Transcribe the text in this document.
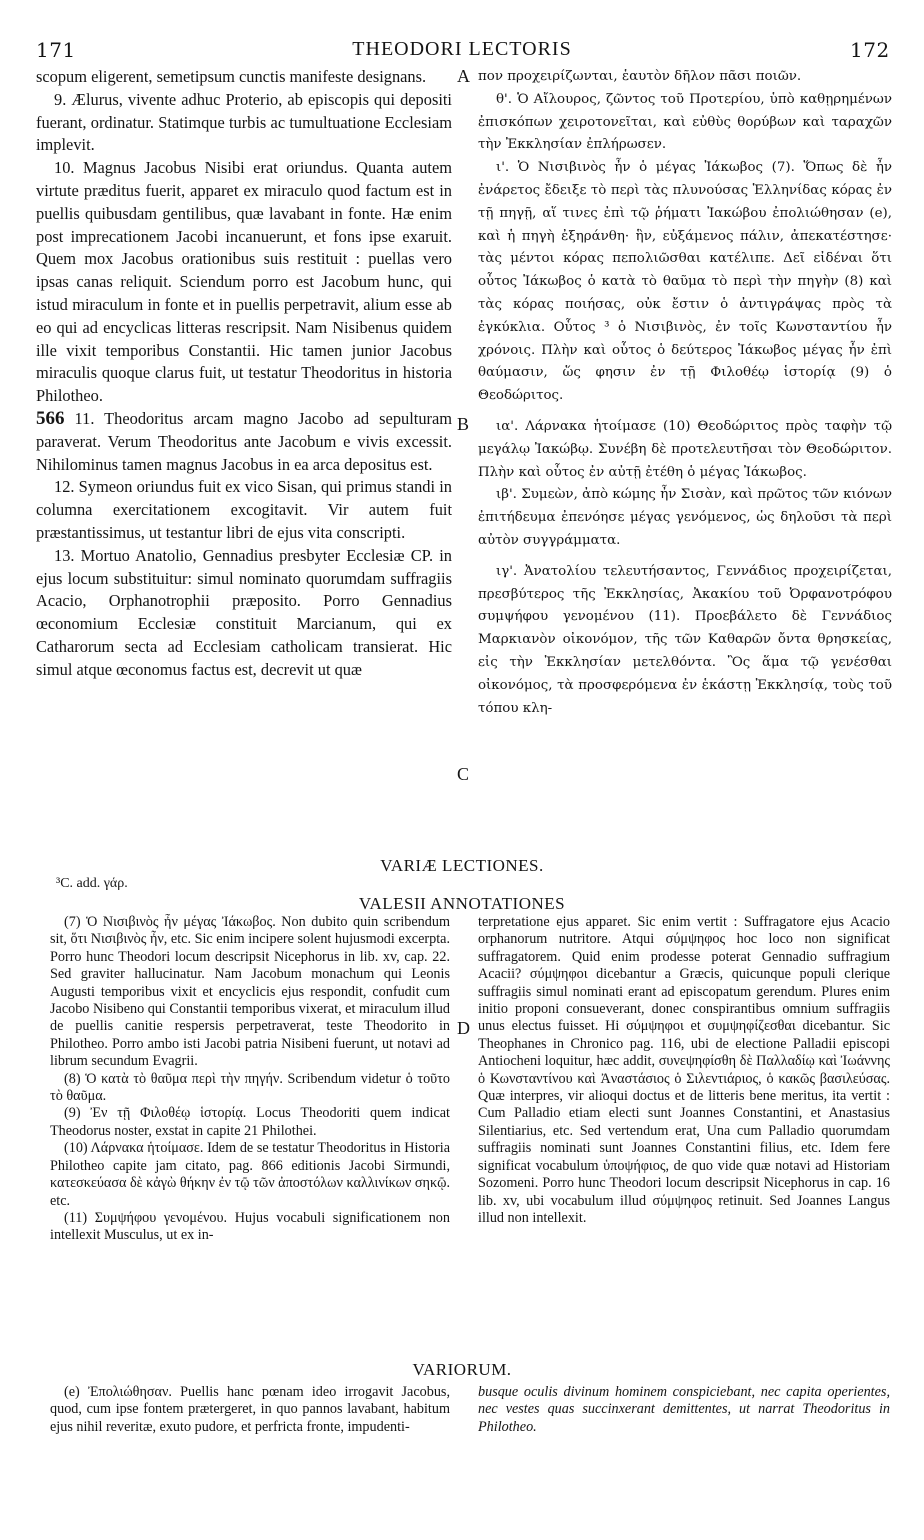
171	THEODORI LECTORIS	172

scopum eligerent, semetipsum cunctis manifeste designans.

9. Ælurus, vivente adhuc Proterio, ab episcopis qui depositi fuerant, ordinatur. Statimque turbis ac tumultuatione Ecclesiam implevit.

10. Magnus Jacobus Nisibi erat oriundus. Quanta autem virtute præditus fuerit, apparet ex miraculo quod factum est in puellis quibusdam gentilibus, quæ lavabant in fonte. Hæ enim post imprecationem Jacobi incanuerunt, et fons ipse exaruit. Quem mox Jacobus orationibus suis restituit : puellas vero ipsas canas reliquit. Sciendum porro est Jacobum hunc, qui istud miraculum in fonte et in puellis perpetravit, alium esse ab eo qui ad encyclicas litteras rescripsit. Nam Nisibenus quidem ille vixit temporibus Constantii. Hic tamen junior Jacobus miraculis quoque clarus fuit, ut testatur Theodoritus in historia Philotheo.

566 11. Theodoritus arcam magno Jacobo ad sepulturam paraverat. Verum Theodoritus ante Jacobum e vivis excessit. Nihilominus tamen magnus Jacobus in ea arca depositus est.

12. Symeon oriundus fuit ex vico Sisan, qui primus standi in columna exercitationem excogitavit. Vir autem fuit præstantissimus, ut testantur libri de ejus vita conscripti.

13. Mortuo Anatolio, Gennadius presbyter Ecclesiæ CP. in ejus locum substituitur: simul nominato quorumdam suffragiis Acacio, Orphanotrophii præposito. Porro Gennadius œconomium Ecclesiæ constituit Marcianum, qui ex Catharorum secta ad Ecclesiam catholicam transierat. Hic simul atque œconomus factus est, decrevit ut quæ

πον προχειρίζωνται, ἑαυτὸν δῆλον πᾶσι ποιῶν.

θ'. Ὁ Αἴλουρος, ζῶντος τοῦ Προτερίου, ὑπὸ καθῃρημένων ἐπισκόπων χειροτονεῖται, καὶ εὐθὺς θορύβων καὶ ταραχῶν τὴν Ἐκκλησίαν ἐπλήρωσεν.

ι'. Ὁ Νισιβινὸς ἦν ὁ μέγας Ἰάκωβος (7). Ὅπως δὲ ἦν ἐνάρετος ἔδειξε τὸ περὶ τὰς πλυνούσας Ἑλληνίδας κόρας ἐν τῇ πηγῇ, αἵ τινες ἐπὶ τῷ ῥήματι Ἰακώβου ἐπολιώθησαν (e), καὶ ἡ πηγὴ ἐξηράνθη· ἣν, εὐξάμενος πάλιν, ἀπεκατέστησε· τὰς μέντοι κόρας πεπολιῶσθαι κατέλιπε. Δεῖ εἰδέναι ὅτι οὗτος Ἰάκωβος ὁ κατὰ τὸ θαῦμα τὸ περὶ τὴν πηγὴν (8) καὶ τὰς κόρας ποιήσας, οὐκ ἔστιν ὁ ἀντιγράψας πρὸς τὰ ἐγκύκλια. Οὗτος ³ ὁ Νισιβινὸς, ἐν τοῖς Κωνσταντίου ἦν χρόνοις. Πλὴν καὶ οὗτος ὁ δεύτερος Ἰάκωβος μέγας ἦν ἐπὶ θαύμασιν, ὥς φησιν ἐν τῇ Φιλοθέῳ ἱστορίᾳ (9) ὁ Θεοδώριτος.

ια'. Λάρνακα ἡτοίμασε (10) Θεοδώριτος πρὸς ταφὴν τῷ μεγάλῳ Ἰακώβῳ. Συνέβη δὲ προτελευτῆσαι τὸν Θεοδώριτον. Πλὴν καὶ οὗτος ἐν αὐτῇ ἐτέθη ὁ μέγας Ἰάκωβος.

ιβ'. Συμεὼν, ἀπὸ κώμης ἦν Σισὰν, καὶ πρῶτος τῶν κιόνων ἐπιτήδευμα ἐπενόησε μέγας γενόμενος, ὡς δηλοῦσι τὰ περὶ αὐτὸν συγγράμματα.

ιγ'. Ἀνατολίου τελευτήσαντος, Γεννάδιος προχειρίζεται, πρεσβύτερος τῆς Ἐκκλησίας, Ἀκακίου τοῦ Ὀρφανοτρόφου συμψήφου γενομένου (11). Προεβάλετο δὲ Γεννάδιος Μαρκιανὸν οἰκονόμον, τῆς τῶν Καθαρῶν ὄντα θρησκείας, εἰς τὴν Ἐκκλησίαν μετελθόντα. Ὃς ἅμα τῷ γενέσθαι οἰκονόμος, τὰ προσφερόμενα ἐν ἑκάστῃ Ἐκκλησίᾳ, τοὺς τοῦ τόπου κλη-

A
B
C
D
VARIÆ LECTIONES.
³C. add. γάρ.
VALESII ANNOTATIONES

(7) Ὁ Νισιβινὸς ἦν μέγας Ἰάκωβος. Non dubito quin scribendum sit, ὅτι Νισιβινὸς ἦν, etc. Sic enim incipere solent hujusmodi excerpta. Porro hunc Theodori locum descripsit Nicephorus in lib. xv, cap. 22. Sed graviter hallucinatur. Nam Jacobum monachum qui Leonis Augusti temporibus vixit et encyclicis ejus respondit, confudit cum Jacobo Nisibeno qui Constantii temporibus vixerat, et miraculum illud de puellis canitie respersis perpetraverat, teste Theodorito in Philotheo. Porro ambo isti Jacobi patria Nisibeni fuerunt, ut notavi ad librum secundum Evagrii.

(8) Ὁ κατὰ τὸ θαῦμα περὶ τὴν πηγήν. Scribendum videtur ὁ τοῦτο τὸ θαῦμα.

(9) Ἐν τῇ Φιλοθέῳ ἱστορίᾳ. Locus Theodoriti quem indicat Theodorus noster, exstat in capite 21 Philothei.

(10) Λάρνακα ἡτοίμασε. Idem de se testatur Theodoritus in Historia Philotheo capite jam citato, pag. 866 editionis Jacobi Sirmundi, κατεσκεύασα δὲ κἀγὼ θήκην ἐν τῷ τῶν ἀποστόλων καλλινίκων σηκῷ. etc.

(11) Συμψήφου γενομένου. Hujus vocabuli significationem non intellexit Musculus, ut ex in-

terpretatione ejus apparet. Sic enim vertit : Suffragatore ejus Acacio orphanorum nutritore. Atqui σύμψηφος hoc loco non significat suffragatorem. Quid enim prodesse poterat Gennadio suffragium Acacii? σύμψηφοι dicebantur a Græcis, quicunque populi clerique suffragiis simul nominati erant ad episcopatum gerendum. Plures enim initio proponi consueverant, donec conspirantibus omnium suffragiis unus electus fuisset. Hi σύμψηφοι et συμψηφίζεσθαι dicebantur. Sic Theophanes in Chronico pag. 116, ubi de electione Palladii episcopi Antiocheni loquitur, hæc addit, συνεψηφίσθη δὲ Παλλαδίῳ καὶ Ἰωάννης ὁ Κωνσταντίνου καὶ Ἀναστάσιος ὁ Σιλεντιάριος, ὁ κακῶς βασιλεύσας. Quæ interpres, vir alioqui doctus et de litteris bene meritus, ita vertit : Cum Palladio etiam electi sunt Joannes Constantini, et Anastasius Silentiarius, etc. Sed vertendum erat, Una cum Palladio quorumdam suffragiis nominati sunt Joannes Constantini filius, etc. Idem fere significat vocabulum ὑποψήφιος, de quo vide quæ notavi ad Historiam Sozomeni. Porro hunc Theodori locum descripsit Nicephorus in cap. 16 lib. xv, ubi vocabulum illud σύμψηφος retinuit. Sed Joannes Langus illud non intellexit.

VARIORUM.

(e) Ἐπολιώθησαν. Puellis hanc pœnam ideo irrogavit Jacobus, quod, cum ipse fontem prætergeret, in quo pannos lavabant, habitum ejus nihil reveritæ, exuto pudore, et perfricta fronte, impudenti-

busque oculis divinum hominem conspiciebant, nec capita operientes, nec vestes quas succinxerant demittentes, ut narrat Theodoritus in Philotheo.
